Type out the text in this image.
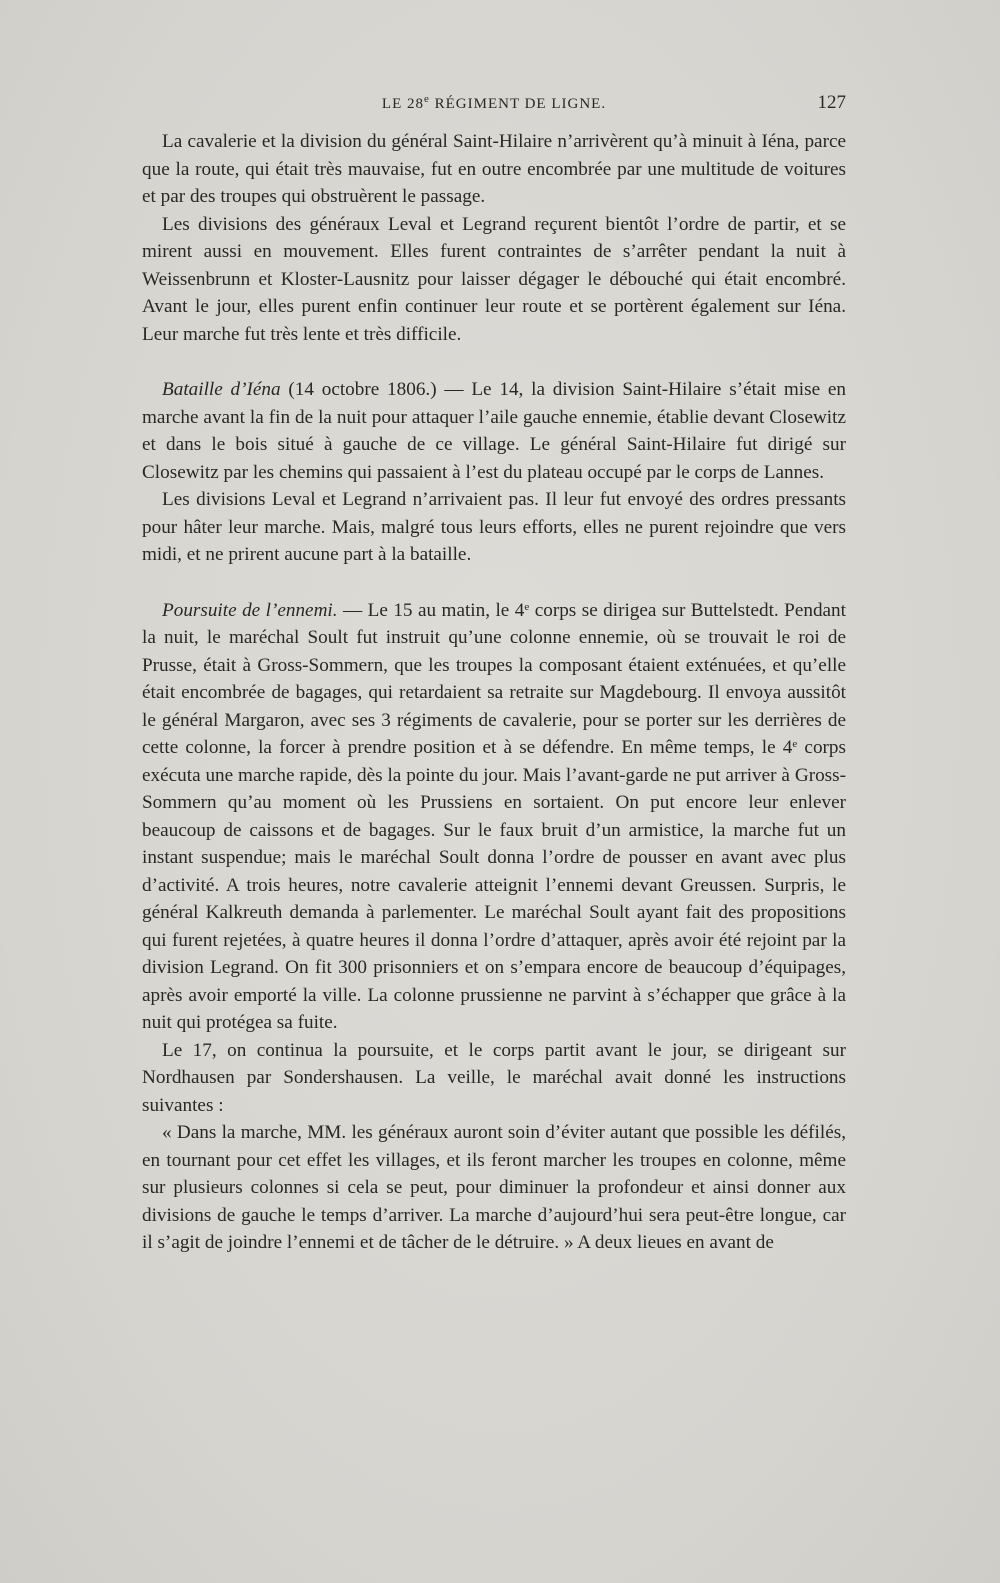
LE 28e RÉGIMENT DE LIGNE.	127

La cavalerie et la division du général Saint-Hilaire n’arrivèrent qu’à minuit à Iéna, parce que la route, qui était très mauvaise, fut en outre encombrée par une multitude de voitures et par des troupes qui obstruèrent le passage.

Les divisions des généraux Leval et Legrand reçurent bientôt l’ordre de partir, et se mirent aussi en mouvement. Elles furent contraintes de s’arrêter pendant la nuit à Weissenbrunn et Kloster-Lausnitz pour laisser dégager le débouché qui était encombré. Avant le jour, elles purent enfin continuer leur route et se portèrent également sur Iéna. Leur marche fut très lente et très difficile.

Bataille d’Iéna (14 octobre 1806.) — Le 14, la division Saint-Hilaire s’était mise en marche avant la fin de la nuit pour attaquer l’aile gauche ennemie, établie devant Closewitz et dans le bois situé à gauche de ce village. Le général Saint-Hilaire fut dirigé sur Closewitz par les chemins qui passaient à l’est du plateau occupé par le corps de Lannes.

Les divisions Leval et Legrand n’arrivaient pas. Il leur fut envoyé des ordres pressants pour hâter leur marche. Mais, malgré tous leurs efforts, elles ne purent rejoindre que vers midi, et ne prirent aucune part à la bataille.

Poursuite de l’ennemi. — Le 15 au matin, le 4e corps se dirigea sur Buttelstedt. Pendant la nuit, le maréchal Soult fut instruit qu’une colonne ennemie, où se trouvait le roi de Prusse, était à Gross-Sommern, que les troupes la composant étaient exténuées, et qu’elle était encombrée de bagages, qui retardaient sa retraite sur Magdebourg. Il envoya aussitôt le général Margaron, avec ses 3 régiments de cavalerie, pour se porter sur les derrières de cette colonne, la forcer à prendre position et à se défendre. En même temps, le 4e corps exécuta une marche rapide, dès la pointe du jour. Mais l’avant-garde ne put arriver à Gross-Sommern qu’au moment où les Prussiens en sortaient. On put encore leur enlever beaucoup de caissons et de bagages. Sur le faux bruit d’un armistice, la marche fut un instant suspendue; mais le maréchal Soult donna l’ordre de pousser en avant avec plus d’activité. A trois heures, notre cavalerie atteignit l’ennemi devant Greussen. Surpris, le général Kalkreuth demanda à parlementer. Le maréchal Soult ayant fait des propositions qui furent rejetées, à quatre heures il donna l’ordre d’attaquer, après avoir été rejoint par la division Legrand. On fit 300 prisonniers et on s’empara encore de beaucoup d’équipages, après avoir emporté la ville. La colonne prussienne ne parvint à s’échapper que grâce à la nuit qui protégea sa fuite.

Le 17, on continua la poursuite, et le corps partit avant le jour, se dirigeant sur Nordhausen par Sondershausen. La veille, le maréchal avait donné les instructions suivantes :

« Dans la marche, MM. les généraux auront soin d’éviter autant que possible les défilés, en tournant pour cet effet les villages, et ils feront marcher les troupes en colonne, même sur plusieurs colonnes si cela se peut, pour diminuer la profondeur et ainsi donner aux divisions de gauche le temps d’arriver. La marche d’aujourd’hui sera peut-être longue, car il s’agit de joindre l’ennemi et de tâcher de le détruire. » A deux lieues en avant de
